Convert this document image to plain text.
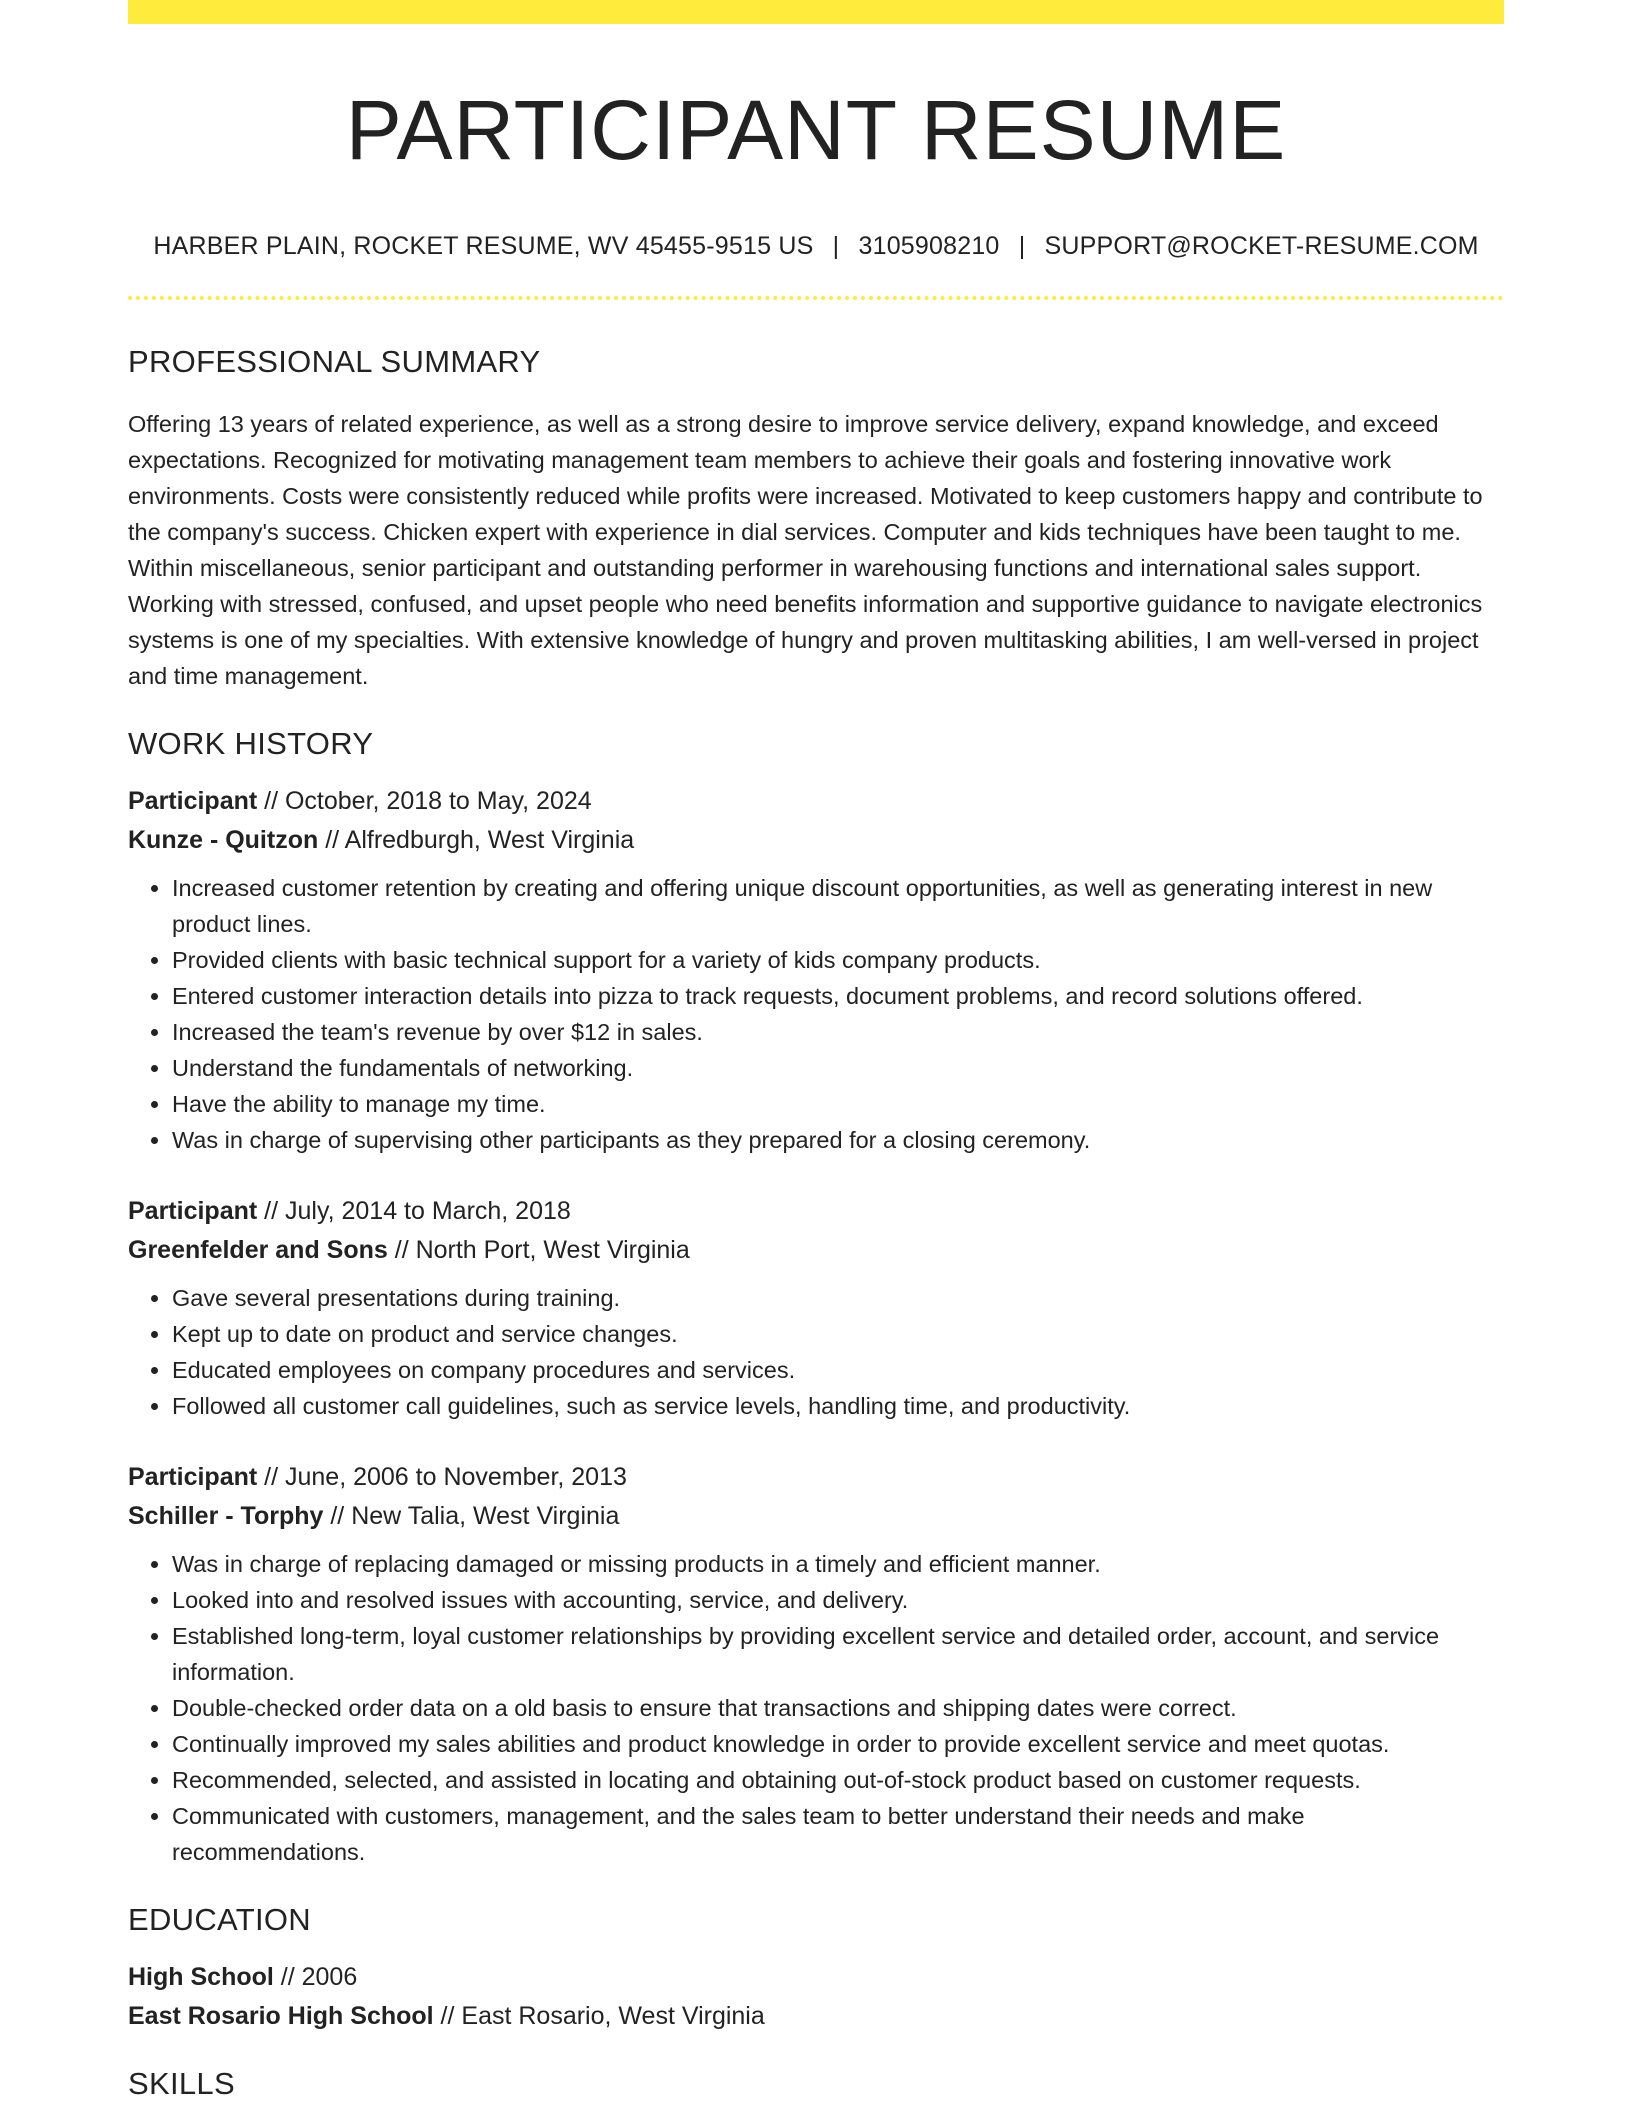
PARTICIPANT RESUME
HARBER PLAIN, ROCKET RESUME, WV 45455-9515 US | 3105908210 | SUPPORT@ROCKET-RESUME.COM
PROFESSIONAL SUMMARY

Offering 13 years of related experience, as well as a strong desire to improve service delivery, expand knowledge, and exceed expectations. Recognized for motivating management team members to achieve their goals and fostering innovative work environments. Costs were consistently reduced while profits were increased. Motivated to keep customers happy and contribute to the company's success. Chicken expert with experience in dial services. Computer and kids techniques have been taught to me. Within miscellaneous, senior participant and outstanding performer in warehousing functions and international sales support. Working with stressed, confused, and upset people who need benefits information and supportive guidance to navigate electronics systems is one of my specialties. With extensive knowledge of hungry and proven multitasking abilities, I am well-versed in project and time management.

WORK HISTORY
Participant // October, 2018 to May, 2024
Kunze - Quitzon // Alfredburgh, West Virginia
• Increased customer retention by creating and offering unique discount opportunities, as well as generating interest in new product lines.
• Provided clients with basic technical support for a variety of kids company products.
• Entered customer interaction details into pizza to track requests, document problems, and record solutions offered.
• Increased the team's revenue by over $12 in sales.
• Understand the fundamentals of networking.
• Have the ability to manage my time.
• Was in charge of supervising other participants as they prepared for a closing ceremony.
Participant // July, 2014 to March, 2018
Greenfelder and Sons // North Port, West Virginia
• Gave several presentations during training.
• Kept up to date on product and service changes.
• Educated employees on company procedures and services.
• Followed all customer call guidelines, such as service levels, handling time, and productivity.
Participant // June, 2006 to November, 2013
Schiller - Torphy // New Talia, West Virginia
• Was in charge of replacing damaged or missing products in a timely and efficient manner.
• Looked into and resolved issues with accounting, service, and delivery.
• Established long-term, loyal customer relationships by providing excellent service and detailed order, account, and service information.
• Double-checked order data on a old basis to ensure that transactions and shipping dates were correct.
• Continually improved my sales abilities and product knowledge in order to provide excellent service and meet quotas.
• Recommended, selected, and assisted in locating and obtaining out-of-stock product based on customer requests.
• Communicated with customers, management, and the sales team to better understand their needs and make recommendations.
EDUCATION
High School // 2006
East Rosario High School // East Rosario, West Virginia
SKILLS
